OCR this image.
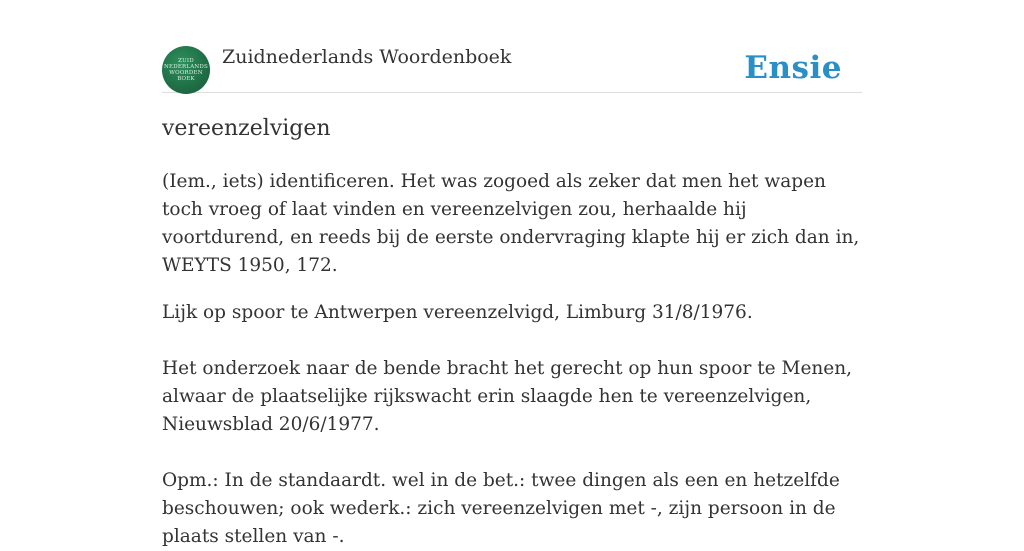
ZUID
NEDERLANDS
WOORDEN
BOEK
Zuidnederlands Woordenboek	Ensie
vereenzelvigen

(Iem., iets) identificeren. Het was zogoed als zeker dat men het wapen toch vroeg of laat vinden en vereenzelvigen zou, herhaalde hij voortdurend, en reeds bij de eerste ondervraging klapte hij er zich dan in, WEYTS 1950, 172.

Lijk op spoor te Antwerpen vereenzelvigd, Limburg 31/8/1976.

Het onderzoek naar de bende bracht het gerecht op hun spoor te Menen, alwaar de plaatselijke rijkswacht erin slaagde hen te vereenzelvigen, Nieuwsblad 20/6/1977.

Opm.: In de standaardt. wel in de bet.: twee dingen als een en hetzelfde beschouwen; ook wederk.: zich vereenzelvigen met -, zijn persoon in de plaats stellen van -.
